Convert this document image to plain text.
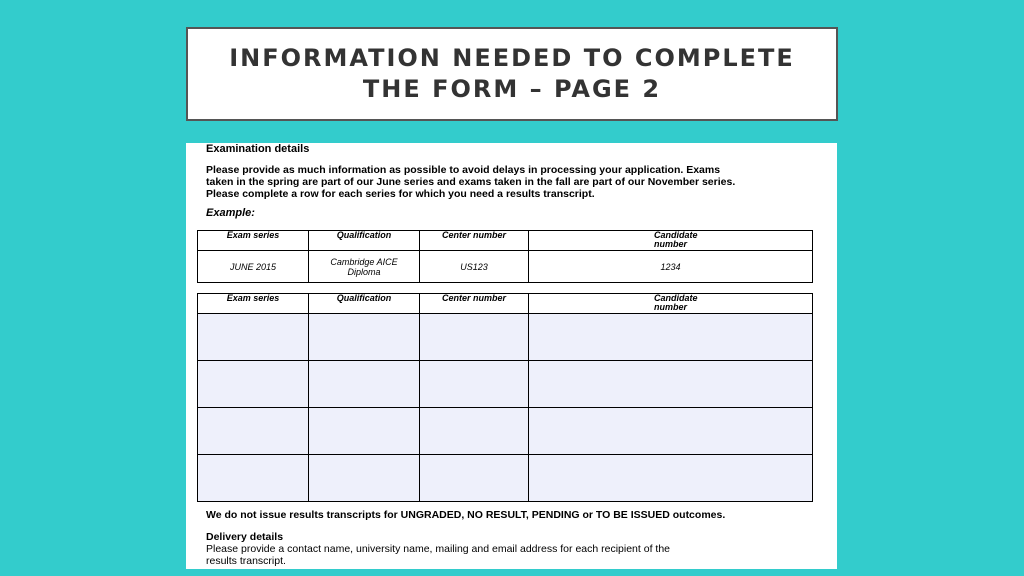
INFORMATION NEEDED TO COMPLETE
THE FORM – PAGE 2
Examination details
Please provide as much information as possible to avoid delays in processing your application. Exams
taken in the spring are part of our June series and exams taken in the fall are part of our November series.
Please complete a row for each series for which you need a results transcript.
Example:
Exam series	Qualification	Center number	Candidate number
JUNE 2015	Cambridge AICE Diploma	US123	1234
Exam series	Qualification	Center number	Candidate number

We do not issue results transcripts for UNGRADED, NO RESULT, PENDING or TO BE ISSUED outcomes.
Delivery details
Please provide a contact name, university name, mailing and email address for each recipient of the
results transcript.
